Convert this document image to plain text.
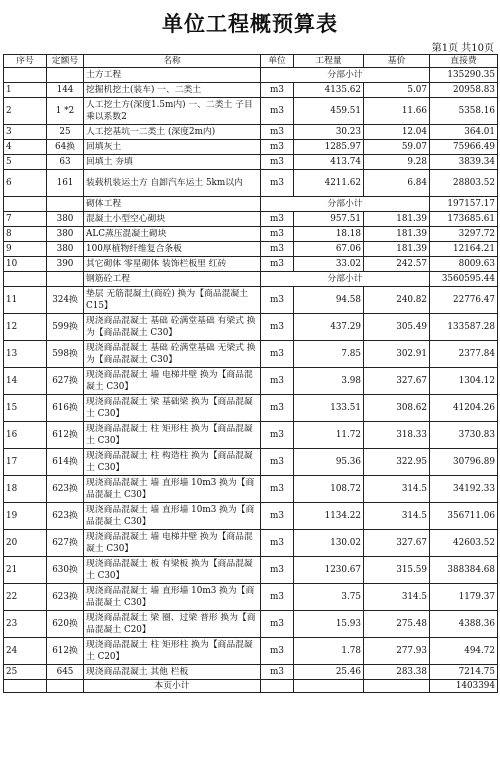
单位工程概预算表
第1页 共10页
序号	定额号	名称	单位	工程量	基价	直接费
		土方工程	分部小计			135290.35
1	144	挖掘机挖土(装车) 一、二类土	m3	4135.62	5.07	20958.83
2	1 *2	人工挖土方(深度1.5m内) 一、二类土 子目乘以系数2	m3	459.51	11.66	5358.16
3	25	人工挖基坑一二类土 (深度2m内)	m3	30.23	12.04	364.01
4	64换	回填灰土	m3	1285.97	59.07	75966.49
5	63	回填土 夯填	m3	413.74	9.28	3839.34
6	161	装载机装运土方 自卸汽车运土 5km以内	m3	4211.62	6.84	28803.52
		砌体工程	分部小计			197157.17
7	380	混凝土小型空心砌块	m3	957.51	181.39	173685.61
8	380	ALC蒸压混凝土砌块	m3	18.18	181.39	3297.72
9	380	100厚植物纤维复合条板	m3	67.06	181.39	12164.21
10	390	其它砌体 零星砌体 装饰栏板里 红砖	m3	33.02	242.57	8009.63
		钢筋砼工程	分部小计			3560595.44
11	324换	垫层 无筋混凝土(商砼) 换为【商品混凝土 C15】	m3	94.58	240.82	22776.47
12	599换	现浇商品混凝土 基础 砼满堂基础 有梁式 换为【商品混凝土 C30】	m3	437.29	305.49	133587.28
13	598换	现浇商品混凝土 基础 砼满堂基础 无梁式 换为【商品混凝土 C30】	m3	7.85	302.91	2377.84
14	627换	现浇商品混凝土 墙 电梯井壁 换为【商品混凝土 C30】	m3	3.98	327.67	1304.12
15	616换	现浇商品混凝土 梁 基础梁 换为【商品混凝土 C30】	m3	133.51	308.62	41204.26
16	612换	现浇商品混凝土 柱 矩形柱 换为【商品混凝土 C30】	m3	11.72	318.33	3730.83
17	614换	现浇商品混凝土 柱 构造柱 换为【商品混凝土 C30】	m3	95.36	322.95	30796.89
18	623换	现浇商品混凝土 墙 直形墙 10m3 换为【商品混凝土 C30】	m3	108.72	314.5	34192.33
19	623换	现浇商品混凝土 墙 直形墙 10m3 换为【商品混凝土 C30】	m3	1134.22	314.5	356711.06
20	627换	现浇商品混凝土 墙 电梯井壁 换为【商品混凝土 C30】	m3	130.02	327.67	42603.52
21	630换	现浇商品混凝土 板 有梁板 换为【商品混凝土 C30】	m3	1230.67	315.59	388384.68
22	623换	现浇商品混凝土 墙 直形墙 10m3 换为【商品混凝土 C30】	m3	3.75	314.5	1179.37
23	620换	现浇商品混凝土 梁 圈、过梁 普形 换为【商品混凝土 C20】	m3	15.93	275.48	4388.36
24	612换	现浇商品混凝土 柱 矩形柱 换为【商品混凝土 C20】	m3	1.78	277.93	494.72
25	645	现浇商品混凝土 其他 栏板	m3	25.46	283.38	7214.75
		本页小计				1403394
